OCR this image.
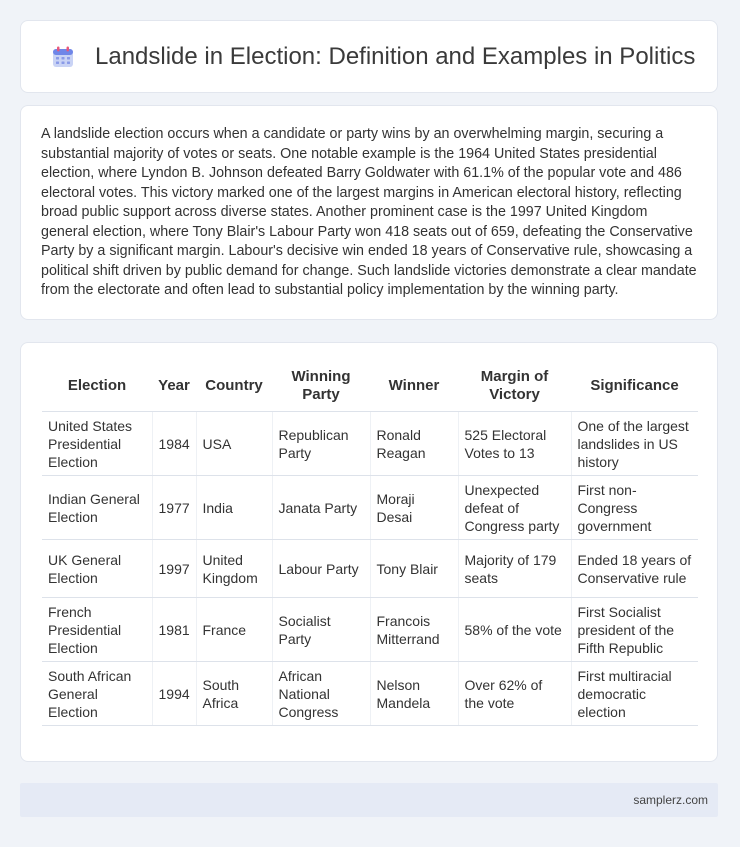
Landslide in Election: Definition and Examples in Politics

A landslide election occurs when a candidate or party wins by an overwhelming margin, securing a substantial majority of votes or seats. One notable example is the 1964 United States presidential election, where Lyndon B. Johnson defeated Barry Goldwater with 61.1% of the popular vote and 486 electoral votes. This victory marked one of the largest margins in American electoral history, reflecting broad public support across diverse states. Another prominent case is the 1997 United Kingdom general election, where Tony Blair's Labour Party won 418 seats out of 659, defeating the Conservative Party by a significant margin. Labour's decisive win ended 18 years of Conservative rule, showcasing a political shift driven by public demand for change. Such landslide victories demonstrate a clear mandate from the electorate and often lead to substantial policy implementation by the winning party.

Election	Year	Country	Winning Party	Winner	Margin of Victory	Significance
United States Presidential Election	1984	USA	Republican Party	Ronald Reagan	525 Electoral Votes to 13	One of the largest landslides in US history
Indian General Election	1977	India	Janata Party	Moraji Desai	Unexpected defeat of Congress party	First non-Congress government
UK General Election	1997	United Kingdom	Labour Party	Tony Blair	Majority of 179 seats	Ended 18 years of Conservative rule
French Presidential Election	1981	France	Socialist Party	Francois Mitterrand	58% of the vote	First Socialist president of the Fifth Republic
South African General Election	1994	South Africa	African National Congress	Nelson Mandela	Over 62% of the vote	First multiracial democratic election
samplerz.com
